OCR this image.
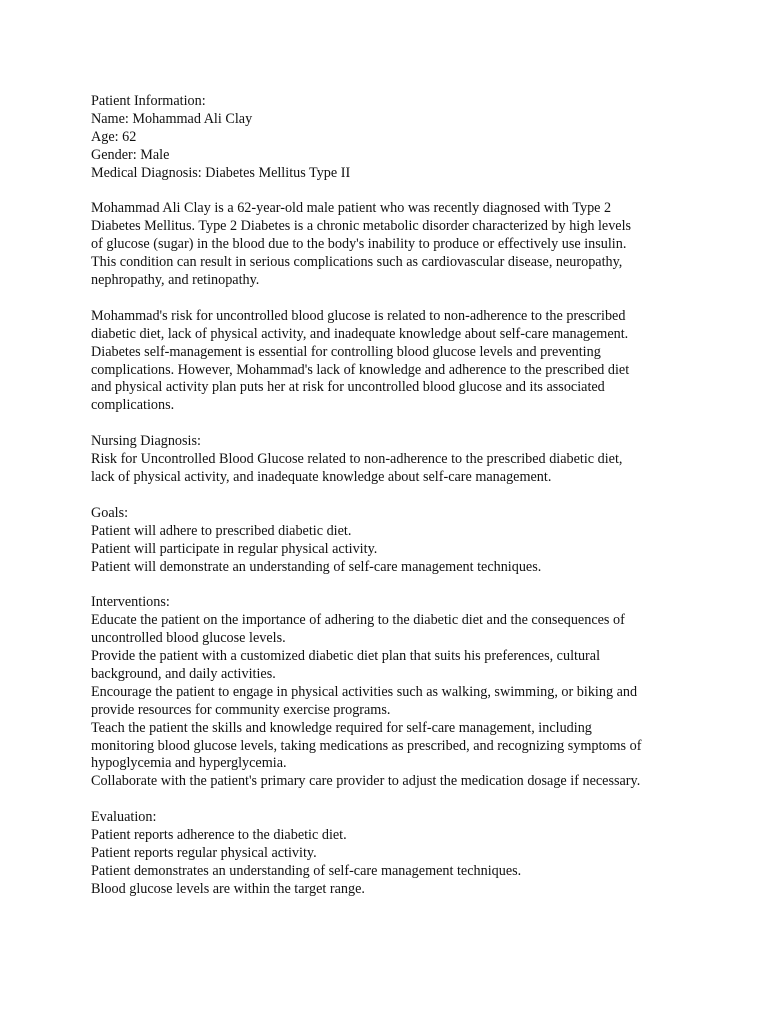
Patient Information:
Name: Mohammad Ali Clay
Age: 62
Gender: Male
Medical Diagnosis: Diabetes Mellitus Type II
Mohammad Ali Clay is a 62-year-old male patient who was recently diagnosed with Type 2
Diabetes Mellitus. Type 2 Diabetes is a chronic metabolic disorder characterized by high levels
of glucose (sugar) in the blood due to the body's inability to produce or effectively use insulin.
This condition can result in serious complications such as cardiovascular disease, neuropathy,
nephropathy, and retinopathy.
Mohammad's risk for uncontrolled blood glucose is related to non-adherence to the prescribed
diabetic diet, lack of physical activity, and inadequate knowledge about self-care management.
Diabetes self-management is essential for controlling blood glucose levels and preventing
complications. However, Mohammad's lack of knowledge and adherence to the prescribed diet
and physical activity plan puts her at risk for uncontrolled blood glucose and its associated
complications.
Nursing Diagnosis:
Risk for Uncontrolled Blood Glucose related to non-adherence to the prescribed diabetic diet,
lack of physical activity, and inadequate knowledge about self-care management.
Goals:
Patient will adhere to prescribed diabetic diet.
Patient will participate in regular physical activity.
Patient will demonstrate an understanding of self-care management techniques.
Interventions:
Educate the patient on the importance of adhering to the diabetic diet and the consequences of
uncontrolled blood glucose levels.
Provide the patient with a customized diabetic diet plan that suits his preferences, cultural
background, and daily activities.
Encourage the patient to engage in physical activities such as walking, swimming, or biking and
provide resources for community exercise programs.
Teach the patient the skills and knowledge required for self-care management, including
monitoring blood glucose levels, taking medications as prescribed, and recognizing symptoms of
hypoglycemia and hyperglycemia.
Collaborate with the patient's primary care provider to adjust the medication dosage if necessary.
Evaluation:
Patient reports adherence to the diabetic diet.
Patient reports regular physical activity.
Patient demonstrates an understanding of self-care management techniques.
Blood glucose levels are within the target range.
